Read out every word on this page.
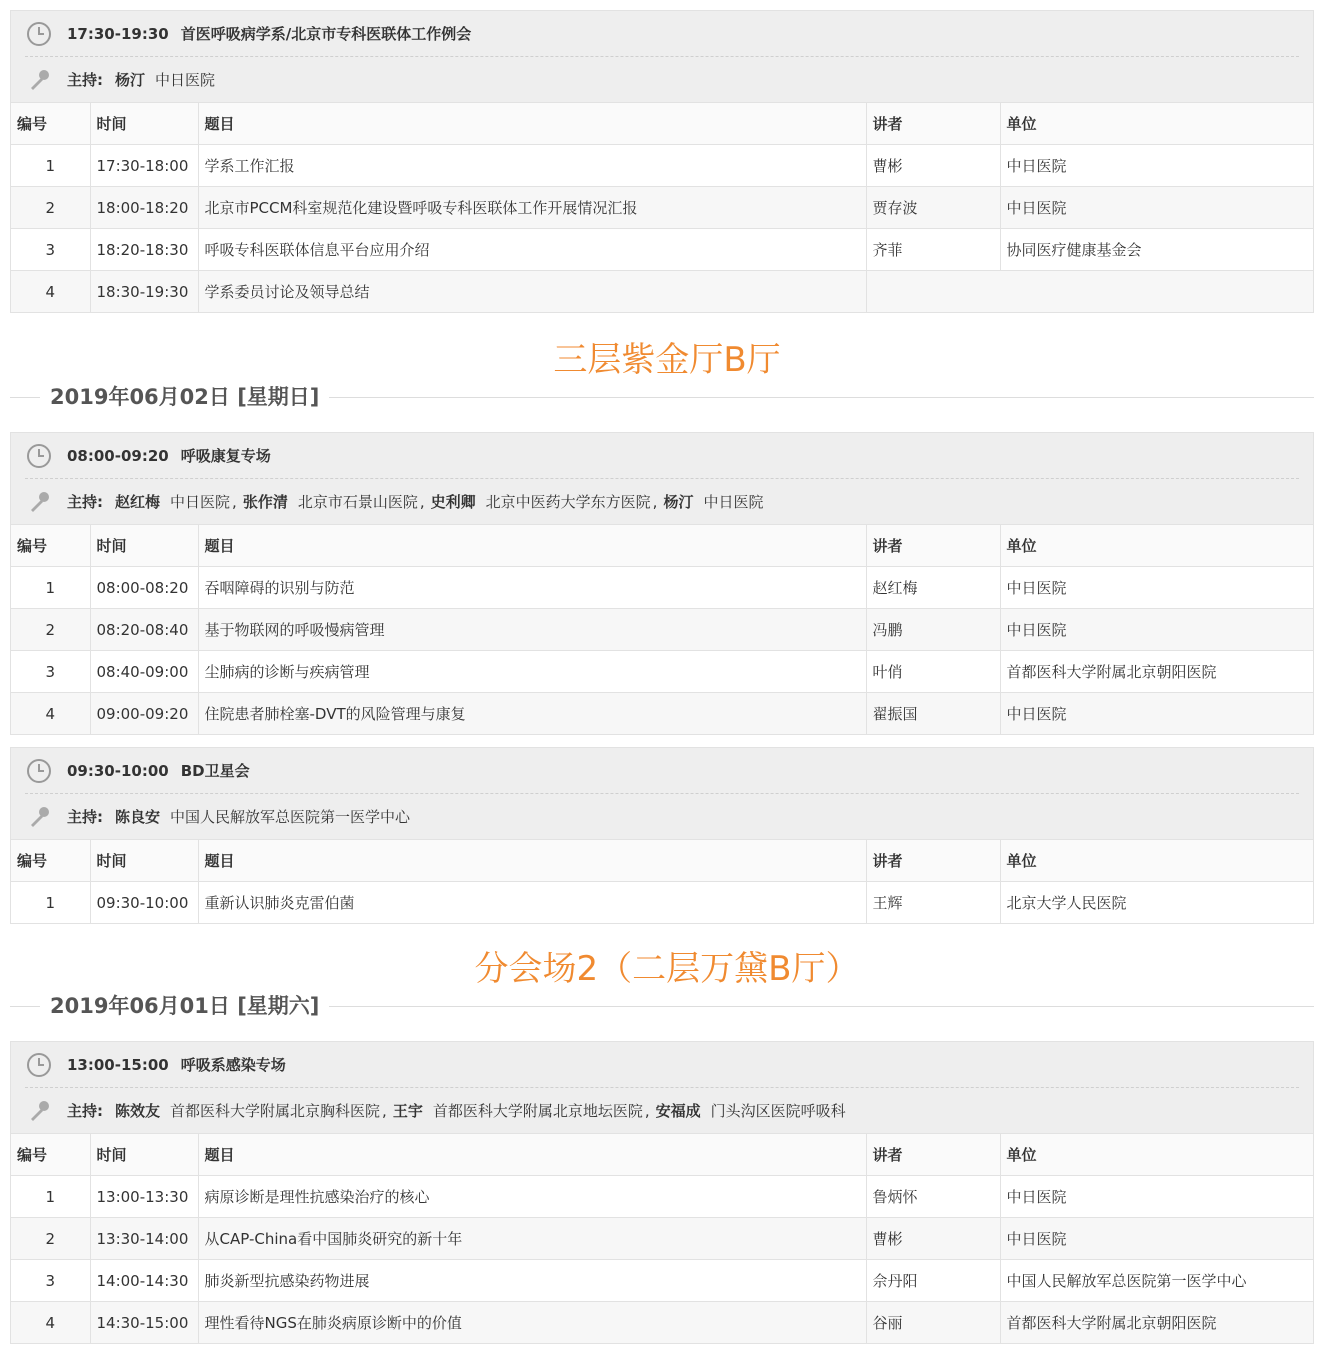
17:30-19:30 首医呼吸病学系/北京市专科医联体工作例会
主持: 杨汀 中日医院
编号	时间	题目	讲者	单位
1	17:30-18:00	学系工作汇报	曹彬	中日医院
2	18:00-18:20	北京市PCCM科室规范化建设暨呼吸专科医联体工作开展情况汇报	贾存波	中日医院
3	18:20-18:30	呼吸专科医联体信息平台应用介绍	齐菲	协同医疗健康基金会
4	18:30-19:30	学系委员讨论及领导总结		
三层紫金厅B厅
2019年06月02日 [星期日]
08:00-09:20 呼吸康复专场
主持: 赵红梅 中日医院 , 张作清 北京市石景山医院 , 史利卿 北京中医药大学东方医院 , 杨汀 中日医院
编号	时间	题目	讲者	单位
1	08:00-08:20	吞咽障碍的识别与防范	赵红梅	中日医院
2	08:20-08:40	基于物联网的呼吸慢病管理	冯鹏	中日医院
3	08:40-09:00	尘肺病的诊断与疾病管理	叶俏	首都医科大学附属北京朝阳医院
4	09:00-09:20	住院患者肺栓塞-DVT的风险管理与康复	翟振国	中日医院
09:30-10:00 BD卫星会
主持: 陈良安 中国人民解放军总医院第一医学中心
编号	时间	题目	讲者	单位
1	09:30-10:00	重新认识肺炎克雷伯菌	王辉	北京大学人民医院
分会场2（二层万黛B厅）
2019年06月01日 [星期六]
13:00-15:00 呼吸系感染专场
主持: 陈效友 首都医科大学附属北京胸科医院 , 王宇 首都医科大学附属北京地坛医院 , 安福成 门头沟区医院呼吸科
编号	时间	题目	讲者	单位
1	13:00-13:30	病原诊断是理性抗感染治疗的核心	鲁炳怀	中日医院
2	13:30-14:00	从CAP-China看中国肺炎研究的新十年	曹彬	中日医院
3	14:00-14:30	肺炎新型抗感染药物进展	佘丹阳	中国人民解放军总医院第一医学中心
4	14:30-15:00	理性看待NGS在肺炎病原诊断中的价值	谷丽	首都医科大学附属北京朝阳医院
